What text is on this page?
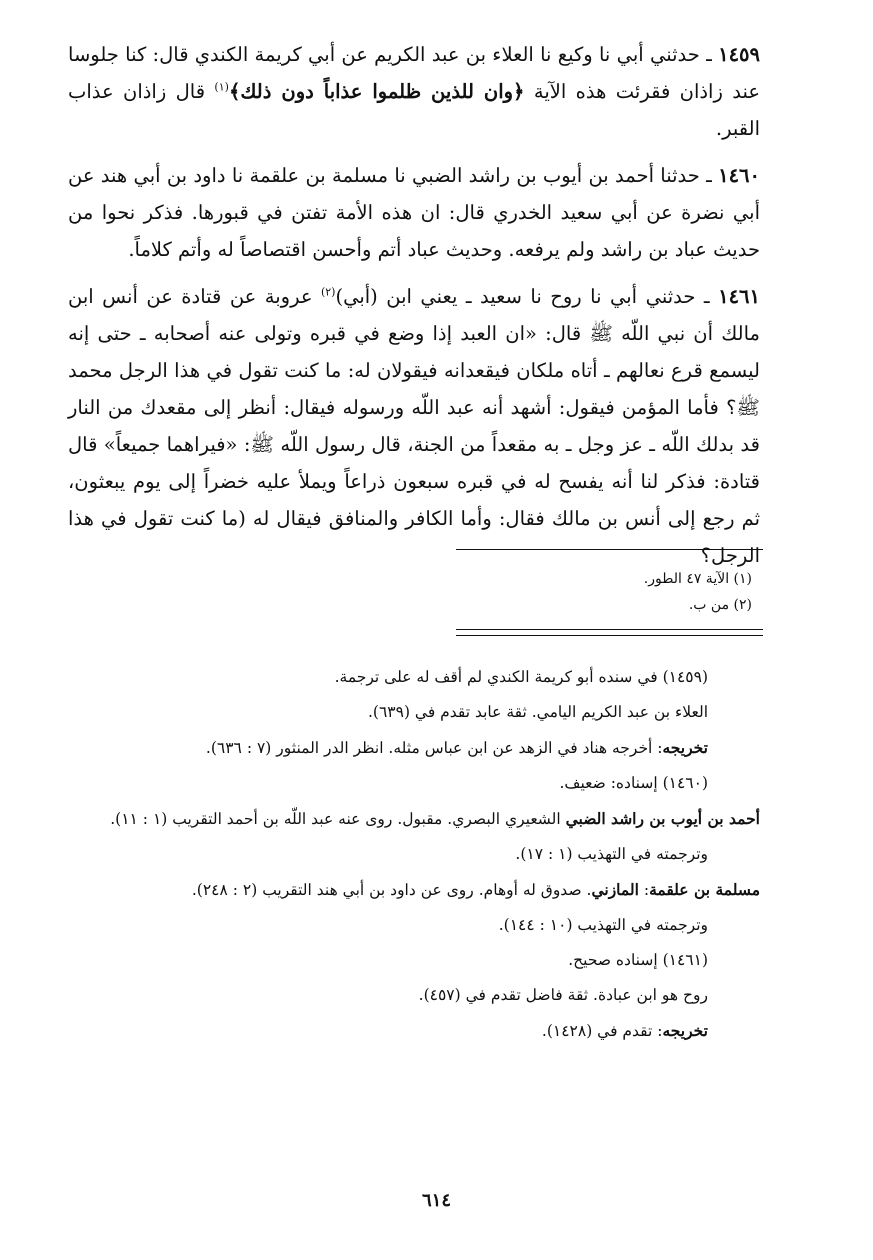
١٤٥٩ ـ حدثني أبي نا وكيع نا العلاء بن عبد الكريم عن أبي كريمة الكندي قال: كنا جلوسا عند زاذان فقرئت هذه الآية ﴿وان للذين ظلموا عذاباً دون ذلك﴾$^{(١)}$ قال زاذان عذاب القبر.

١٤٦٠ ـ حدثنا أحمد بن أيوب بن راشد الضبي نا مسلمة بن علقمة نا داود بن أبي هند عن أبي نضرة عن أبي سعيد الخدري قال: ان هذه الأمة تفتن في قبورها. فذكر نحوا من حديث عباد بن راشد ولم يرفعه. وحديث عباد أتم وأحسن اقتصاصاً له وأتم كلاماً.

١٤٦١ ـ حدثني أبي نا روح نا سعيد ـ يعني ابن (أبي)$^{(٢)}$ عروبة عن قتادة عن أنس ابن مالك أن نبي اللّه ﷺ قال: «ان العبد إذا وضع في قبره وتولى عنه أصحابه ـ حتى إنه ليسمع قرع نعالهم ـ أتاه ملكان فيقعدانه فيقولان له: ما كنت تقول في هذا الرجل محمد ﷺ؟ فأما المؤمن فيقول: أشهد أنه عبد اللّه ورسوله فيقال: أنظر إلى مقعدك من النار قد بدلك اللّه ـ عز وجل ـ به مقعداً من الجنة، قال رسول اللّه ﷺ: «فيراهما جميعاً» قال قتادة: فذكر لنا أنه يفسح له في قبره سبعون ذراعاً ويملأ عليه خضراً إلى يوم يبعثون، ثم رجع إلى أنس بن مالك فقال: وأما الكافر والمنافق فيقال له (ما كنت تقول في هذا الرجل؟

(١) الآية ٤٧ الطور.
(٢) من ب.
(١٤٥٩) في سنده أبو كريمة الكندي لم أقف له على ترجمة.
العلاء بن عبد الكريم اليامي. ثقة عابد تقدم في (٦٣٩).
تخريجه: أخرجه هناد في الزهد عن ابن عباس مثله. انظر الدر المنثور (٧ : ٦٣٦).
(١٤٦٠) إسناده: ضعيف.
أحمد بن أيوب بن راشد الضبي الشعيري البصري. مقبول. روى عنه عبد اللّه بن أحمد التقريب (١ : ١١).
وترجمته في التهذيب (١ : ١٧).
مسلمة بن علقمة: المازني. صدوق له أوهام. روى عن داود بن أبي هند التقريب (٢ : ٢٤٨).
وترجمته في التهذيب (١٠ : ١٤٤).
(١٤٦١) إسناده صحيح.
روح هو ابن عبادة. ثقة فاضل تقدم في (٤٥٧).
تخريجه: تقدم في (١٤٢٨).
٦١٤
